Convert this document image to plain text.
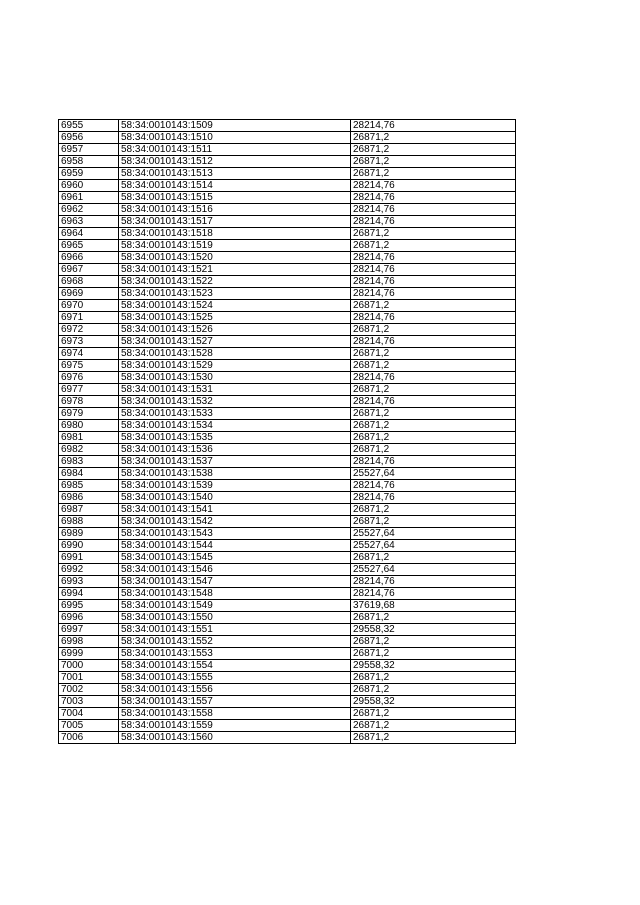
6955	58:34:0010143:1509	28214,76
6956	58:34:0010143:1510	26871,2
6957	58:34:0010143:1511	26871,2
6958	58:34:0010143:1512	26871,2
6959	58:34:0010143:1513	26871,2
6960	58:34:0010143:1514	28214,76
6961	58:34:0010143:1515	28214,76
6962	58:34:0010143:1516	28214,76
6963	58:34:0010143:1517	28214,76
6964	58:34:0010143:1518	26871,2
6965	58:34:0010143:1519	26871,2
6966	58:34:0010143:1520	28214,76
6967	58:34:0010143:1521	28214,76
6968	58:34:0010143:1522	28214,76
6969	58:34:0010143:1523	28214,76
6970	58:34:0010143:1524	26871,2
6971	58:34:0010143:1525	28214,76
6972	58:34:0010143:1526	26871,2
6973	58:34:0010143:1527	28214,76
6974	58:34:0010143:1528	26871,2
6975	58:34:0010143:1529	26871,2
6976	58:34:0010143:1530	28214,76
6977	58:34:0010143:1531	26871,2
6978	58:34:0010143:1532	28214,76
6979	58:34:0010143:1533	26871,2
6980	58:34:0010143:1534	26871,2
6981	58:34:0010143:1535	26871,2
6982	58:34:0010143:1536	26871,2
6983	58:34:0010143:1537	28214,76
6984	58:34:0010143:1538	25527,64
6985	58:34:0010143:1539	28214,76
6986	58:34:0010143:1540	28214,76
6987	58:34:0010143:1541	26871,2
6988	58:34:0010143:1542	26871,2
6989	58:34:0010143:1543	25527,64
6990	58:34:0010143:1544	25527,64
6991	58:34:0010143:1545	26871,2
6992	58:34:0010143:1546	25527,64
6993	58:34:0010143:1547	28214,76
6994	58:34:0010143:1548	28214,76
6995	58:34:0010143:1549	37619,68
6996	58:34:0010143:1550	26871,2
6997	58:34:0010143:1551	29558,32
6998	58:34:0010143:1552	26871,2
6999	58:34:0010143:1553	26871,2
7000	58:34:0010143:1554	29558,32
7001	58:34:0010143:1555	26871,2
7002	58:34:0010143:1556	26871,2
7003	58:34:0010143:1557	29558,32
7004	58:34:0010143:1558	26871,2
7005	58:34:0010143:1559	26871,2
7006	58:34:0010143:1560	26871,2
